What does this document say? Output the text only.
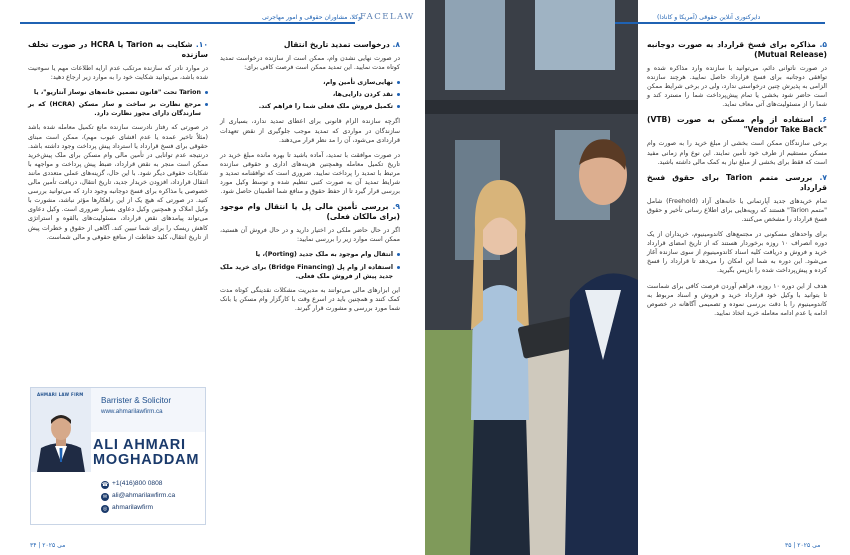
وکلا، مشاوران حقوقی و امور مهاجرتی
FACELAW
۱۰. شکایت به Tarion یا HCRA در صورت تخلف سازنده

در موارد نادر که سازنده مرتکب عدم ارایه اطلاعات مهم یا سوءنیت شده باشد، می‌توانید شکایت خود را به موارد زیر ارجاع دهید:

Tarion تحت "قانون تضمین خانه‌های نوساز آنتاریو"، یا
مرجع نظارت بر ساخت و ساز مسکن (HCRA) که بر سازندگان دارای مجوز نظارت دارد.

در صورتی که رفتار نادرست سازنده مانع تکمیل معامله شده باشد (مثلاً تاخیر عمده یا عدم افشای عیوب مهم)، ممکن است مبنای حقوقی برای فسخ قرارداد یا استرداد پیش پرداخت وجود داشته باشد. درنتیجه عدم توانایی در تأمین مالی وام مسکن برای ملک پیش‌خرید ممکن است منجر به نقض قرارداد، ضبط پیش پرداخت و مواجهه با شکایات حقوقی دیگر شود. با این حال، گزینه‌های عملی متعددی مانند انتقال قرارداد، افزودن خریدار جدید، تاریخ انتقال، دریافت تأمین مالی خصوصی یا مذاکره برای فسخ دوجانبه وجود دارد که می‌توانید بررسی کنید. در صورتی که هیچ یک از این راهکارها مؤثر نباشد، مشورت با وکیل املاک و همچنین وکیل دعاوی بسیار ضروری است. وکیل دعاوی می‌تواند پیامدهای نقض قرارداد، مسئولیت‌های بالقوه و استراتژی کاهش ریسک را برای شما تبیین کند. آگاهی از حقوق و خطرات پیش از تاریخ انتقال، کلید حفاظت از منافع حقوقی و مالی شماست.

۸. درخواست تمدید تاریخ انتقال

در صورت نهایی نشدن وام، ممکن است از سازنده درخواست تمدید کوتاه مدت نمایید. این تمدید ممکن است فرصت کافی برای:

نهایی‌سازی تأمین وام،
نقد کردن دارایی‌ها،
تکمیل فروش ملک فعلی شما را فراهم کند.

اگرچه سازنده الزام قانونی برای اعطای تمدید ندارد، بسیاری از سازندگان در مواردی که تمدید موجب جلوگیری از نقض تعهدات قراردادی می‌شود، آن را مد نظر قرار می‌دهند.

در صورت موافقت با تمدید، آماده باشید تا بهره مانده مبلغ خرید در تاریخ تکمیل معامله وهمچنین هزینه‌های اداری و حقوقی سازنده مرتبط با تمدید را پرداخت نمایید. ضروری است که توافقنامه تمدید و شرایط تمدید آن به صورت کتبی تنظیم شده و توسط وکیل مورد بررسی قرار گیرد تا از حفظ حقوق و منافع شما اطمینان حاصل شود.

۹. بررسی تأمین مالی پل یا انتقال وام موجود (برای مالکان فعلی)

اگر در حال حاضر ملکی در اختیار دارید و در حال فروش آن هستید، ممکن است موارد زیر را بررسی نمایید:

انتقال وام موجود به ملک جدید (Porting)، یا
استفاده از وام پل (Bridge Financing) برای خرید ملک جدید پیش از فروش ملک فعلی.

این ابزارهای مالی می‌توانند به مدیریت مشکلات نقدینگی کوتاه مدت کمک کنند و همچنین باید در اسرع وقت با کارگزار وام مسکن یا بانک شما مورد بررسی و مشورت قرار گیرند.

AHMARI LAW FIRM
Barrister & Solicitor
www.ahmarilawfirm.ca
ALI AHMARI
MOGHADDAM
☎ +1(416)800 0808
✉ ali@ahmarilawfirm.ca
◎ ahmarilawfirm
۳۴ | می ۲۰۲۵
دایرکتوری آنلاین حقوقی (آمریکا و کانادا)
۵. مذاکره برای فسخ قرارداد به صورت دوجانبه (Mutual Release)

در صورت ناتوانی دائم، می‌توانید با سازنده وارد مذاکره شده و توافقی دوجانبه برای فسخ قرارداد حاصل نمایید. هرچند سازنده الزامی به پذیرش چنین درخواستی ندارد، ولی در برخی شرایط ممکن است حاضر شود بخشی یا تمام پیش‌پرداخت شما را مسترد کند و شما را از مسئولیت‌های آتی معاف نماید.

۶. استفاده از وام مسکن به صورت (VTB) "Vendor Take Back"

برخی سازندگان ممکن است بخشی از مبلغ خرید را به صورت وام مسکن مستقیم از طرف خود تأمین نمایند. این نوع وام زمانی مفید است که فقط برای بخشی از مبلغ نیاز به کمک مالی داشته باشید.

۷. بررسی متمم Tarion برای حقوق فسخ قرارداد

تمام خریدهای جدید آپارتمانی یا خانه‌های آزاد (Freehold) شامل "متمم Tarion" هستند که رویه‌هایی برای اطلاع رسانی تأخیر و حقوق فسخ قرارداد را مشخص می‌کنند.

برای واحدهای مسکونی در مجتمع‌های کاندومینیوم، خریداران از یک دوره انصراف ۱۰ روزه برخوردار هستند که از تاریخ امضای قرارداد خرید و فروش و دریافت کلیه اسناد کاندومینیوم از سوی سازنده آغاز می‌شود. این دوره به شما این امکان را می‌دهد تا قرارداد را فسخ کرده و پیش‌پرداخت شده را بازپس بگیرید.

هدف از این دوره ۱۰ روزه، فراهم آوردن فرصت کافی برای شماست تا بتوانید با وکیل خود قرارداد خرید و فروش و اسناد مربوط به کاندومینیوم را با دقت بررسی نموده و تصمیمی آگاهانه در خصوص ادامه یا عدم ادامه معامله خرید اتخاذ نمایید.

می ۲۰۲۵ | ۳۵
